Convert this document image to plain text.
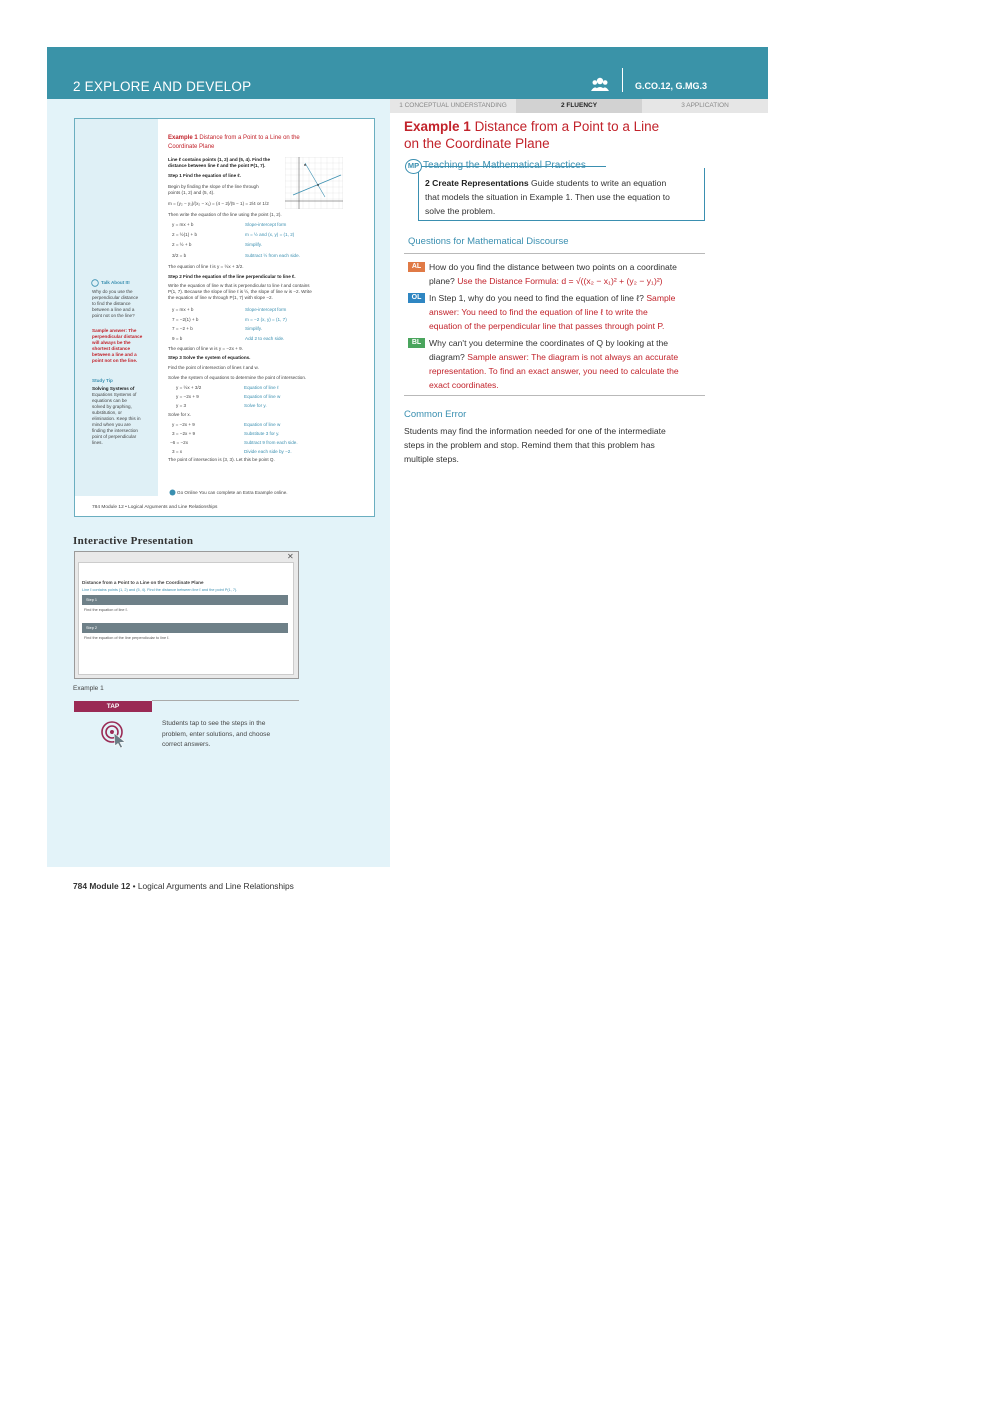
2 EXPLORE AND DEVELOP	G.CO.12, G.MG.3
1 CONCEPTUAL UNDERSTANDING	2 FLUENCY	3 APPLICATION
Talk About It!
Why do you use the
perpendicular distance
to find the distance
between a line and a
point not on the line?
Sample answer: The
perpendicular distance
will always be the
shortest distance
between a line and a
point not on the line.
Study Tip
Solving Systems of
Equations Systems of
equations can be
solved by graphing,
substitution, or
elimination. Keep this in
mind when you are
finding the intersection
point of perpendicular
lines.
Example 1 Distance from a Point to a Line on the
Coordinate Plane
Line ℓ contains points (1, 2) and (5, 4). Find the
distance between line ℓ and the point P(1, 7).
Step 1 Find the equation of line ℓ.
Begin by finding the slope of the line through
points (1, 2) and (5, 4).
m = (y₂ − y₁)/(x₂ − x₁) = (4 − 2)/(5 − 1) = 2/4 or 1/2
Then write the equation of the line using the point (1, 2).
y = mx + b	Slope-intercept form
2 = ½(1) + b	m = ½ and (x, y) = (1, 2)
2 = ½ + b	Simplify.
3/2 = b	Subtract ½ from each side.
The equation of line ℓ is y = ½x + 3/2.
Step 2 Find the equation of the line perpendicular to line ℓ.
Write the equation of line w that is perpendicular to line ℓ and contains
P(1, 7). Because the slope of line ℓ is ½, the slope of line w is −2. Write
the equation of line w through P(1, 7) with slope −2.
y = mx + b	Slope-intercept form
7 = −2(1) + b	m = −2 (x, y) = (1, 7)
7 = −2 + b	Simplify.
9 = b	Add 2 to each side.
The equation of line w is y = −2x + 9.
Step 3 Solve the system of equations.
Find the point of intersection of lines ℓ and w.
Solve the system of equations to determine the point of intersection.
y = ½x + 3/2	Equation of line ℓ
y = −2x + 9	Equation of line w
y = 3	Solve for y.
Solve for x.
y = −2x + 9	Equation of line w
3 = −2x + 9	Substitute 3 for y.
−6 = −2x	Subtract 9 from each side.
3 = x	Divide each side by −2.
The point of intersection is (3, 3). Let this be point Q.
Go Online You can complete an Extra Example online.
784 Module 12 • Logical Arguments and Line Relationships
Example 1 Distance from a Point to a Line
on the Coordinate Plane
MP Teaching the Mathematical Practices
2 Create Representations Guide students to write an equation
that models the situation in Example 1. Then use the equation to
solve the problem.
Questions for Mathematical Discourse
AL How do you find the distance between two points on a coordinate
plane? Use the Distance Formula: d = √((x₂ − x₁)² + (y₂ − y₁)²)
OL In Step 1, why do you need to find the equation of line ℓ? Sample
answer: You need to find the equation of line ℓ to write the
equation of the perpendicular line that passes through point P.
BL Why can't you determine the coordinates of Q by looking at the
diagram? Sample answer: The diagram is not always an accurate
representation. To find an exact answer, you need to calculate the
exact coordinates.
Common Error
Students may find the information needed for one of the intermediate
steps in the problem and stop. Remind them that this problem has
multiple steps.
Interactive Presentation
✕
Distance from a Point to a Line on the Coordinate Plane
Line ℓ contains points (1, 2) and (5, 4). Find the distance between line ℓ and the point P(1, 7).
Step 1
Find the equation of line ℓ.
Step 2
Find the equation of the line perpendicular to line ℓ.
Example 1
TAP
Students tap to see the steps in the
problem, enter solutions, and choose
correct answers.
784 Module 12 • Logical Arguments and Line Relationships
